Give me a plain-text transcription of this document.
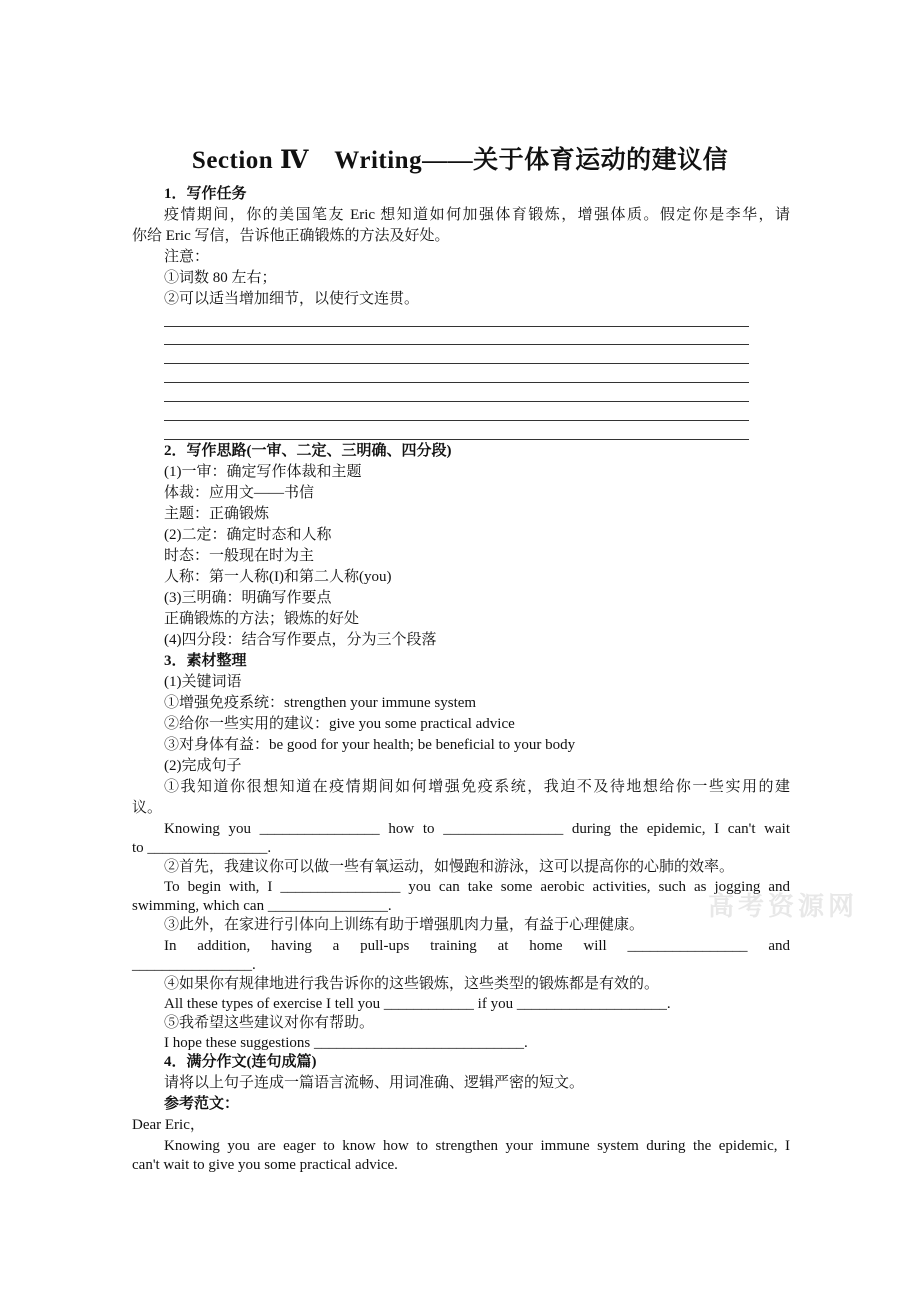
Section Ⅳ　Writing——关于体育运动的建议信
1．写作任务
疫情期间，你的美国笔友 Eric 想知道如何加强体育锻炼，增强体质。假定你是李华，请
你给 Eric 写信，告诉他正确锻炼的方法及好处。
注意：
①词数 80 左右；
②可以适当增加细节，以使行文连贯。
2．写作思路(一审、二定、三明确、四分段)
(1)一审：确定写作体裁和主题
体裁：应用文——书信
主题：正确锻炼
(2)二定：确定时态和人称
时态：一般现在时为主
人称：第一人称(I)和第二人称(you)
(3)三明确：明确写作要点
正确锻炼的方法；锻炼的好处
(4)四分段：结合写作要点，分为三个段落
3．素材整理
(1)关键词语
①增强免疫系统：strengthen your immune system
②给你一些实用的建议：give you some practical advice
③对身体有益：be good for your health; be beneficial to your body
(2)完成句子
①我知道你很想知道在疫情期间如何增强免疫系统，我迫不及待地想给你一些实用的建
议。
Knowing you ________________ how to ________________ during the epidemic, I can't wait
to ________________.
②首先，我建议你可以做一些有氧运动，如慢跑和游泳，这可以提高你的心肺的效率。
To begin with, I ________________ you can take some aerobic activities, such as jogging and
swimming, which can ________________.
③此外，在家进行引体向上训练有助于增强肌肉力量，有益于心理健康。
In addition, having a pull-ups training at home will ________________ and
________________.
④如果你有规律地进行我告诉你的这些锻炼，这些类型的锻炼都是有效的。
All these types of exercise I tell you ____________ if you ____________________.
⑤我希望这些建议对你有帮助。
I hope these suggestions ____________________________.
4．满分作文(连句成篇)
请将以上句子连成一篇语言流畅、用词准确、逻辑严密的短文。
参考范文：
Dear Eric，
Knowing you are eager to know how to strengthen your immune system during the epidemic, I
can't wait to give you some practical advice.
高考资源网
